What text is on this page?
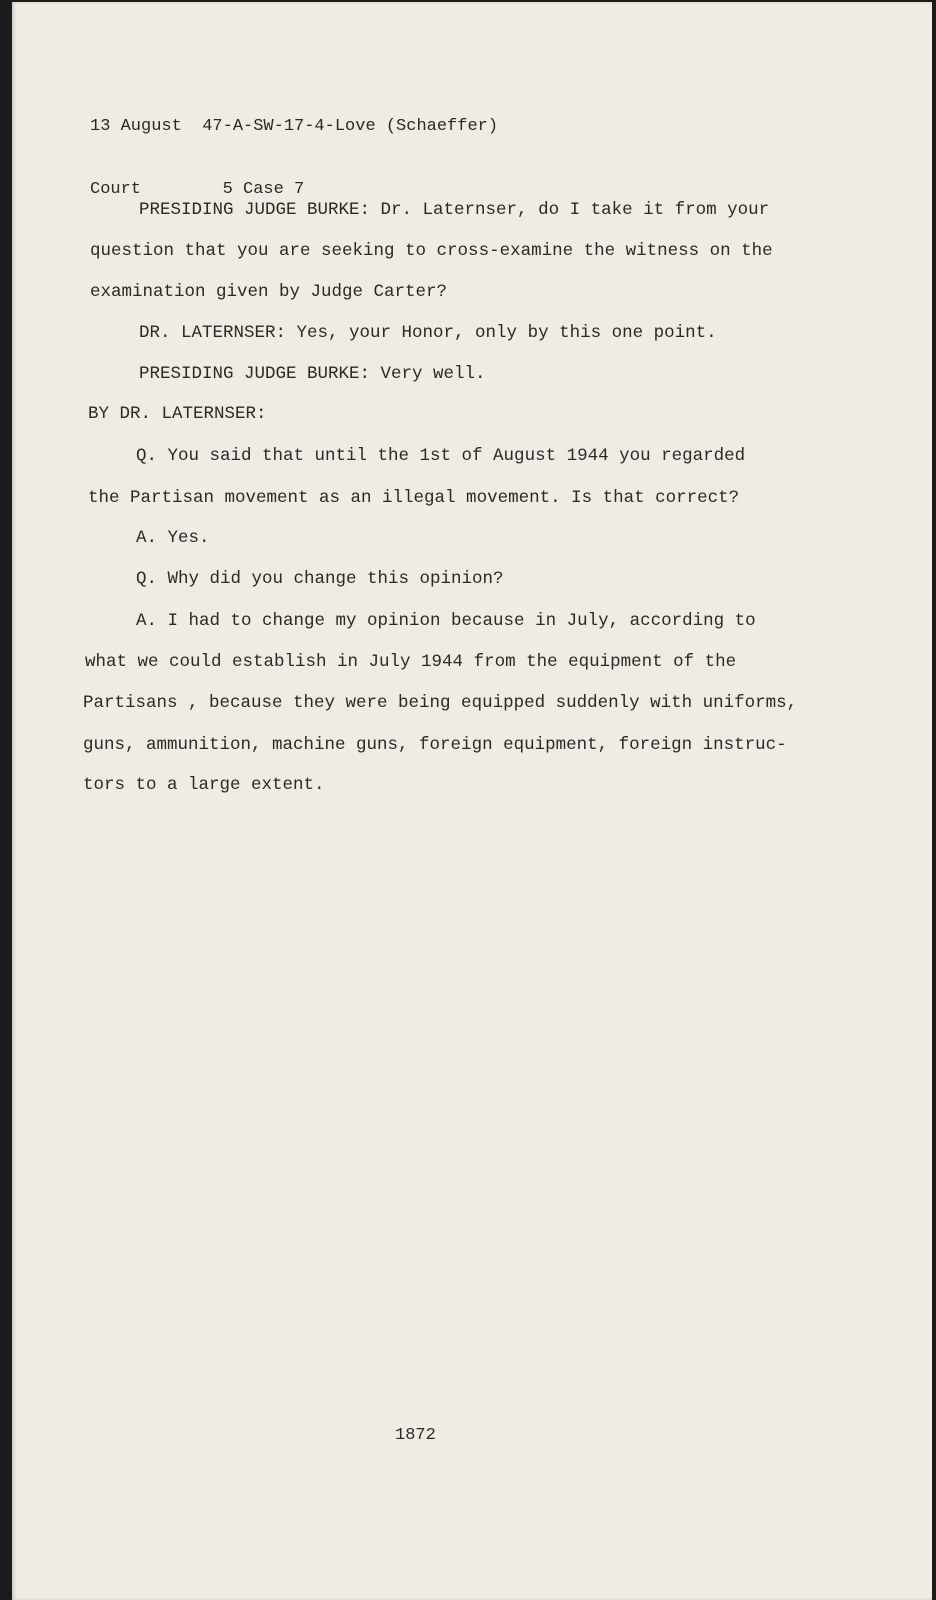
13 August  47-A-SW-17-4-Love (Schaeffer)

Court        5 Case 7

PRESIDING JUDGE BURKE: Dr. Laternser, do I take it from your
question that you are seeking to cross-examine the witness on the
examination given by Judge Carter?
DR. LATERNSER: Yes, your Honor, only by this one point.
PRESIDING JUDGE BURKE: Very well.
BY DR. LATERNSER:
Q. You said that until the 1st of August 1944 you regarded
the Partisan movement as an illegal movement. Is that correct?
A. Yes.
Q. Why did you change this opinion?
A. I had to change my opinion because in July, according to
what we could establish in July 1944 from the equipment of the
Partisans , because they were being equipped suddenly with uniforms,
guns, ammunition, machine guns, foreign equipment, foreign instruc-
tors to a large extent.
1872
